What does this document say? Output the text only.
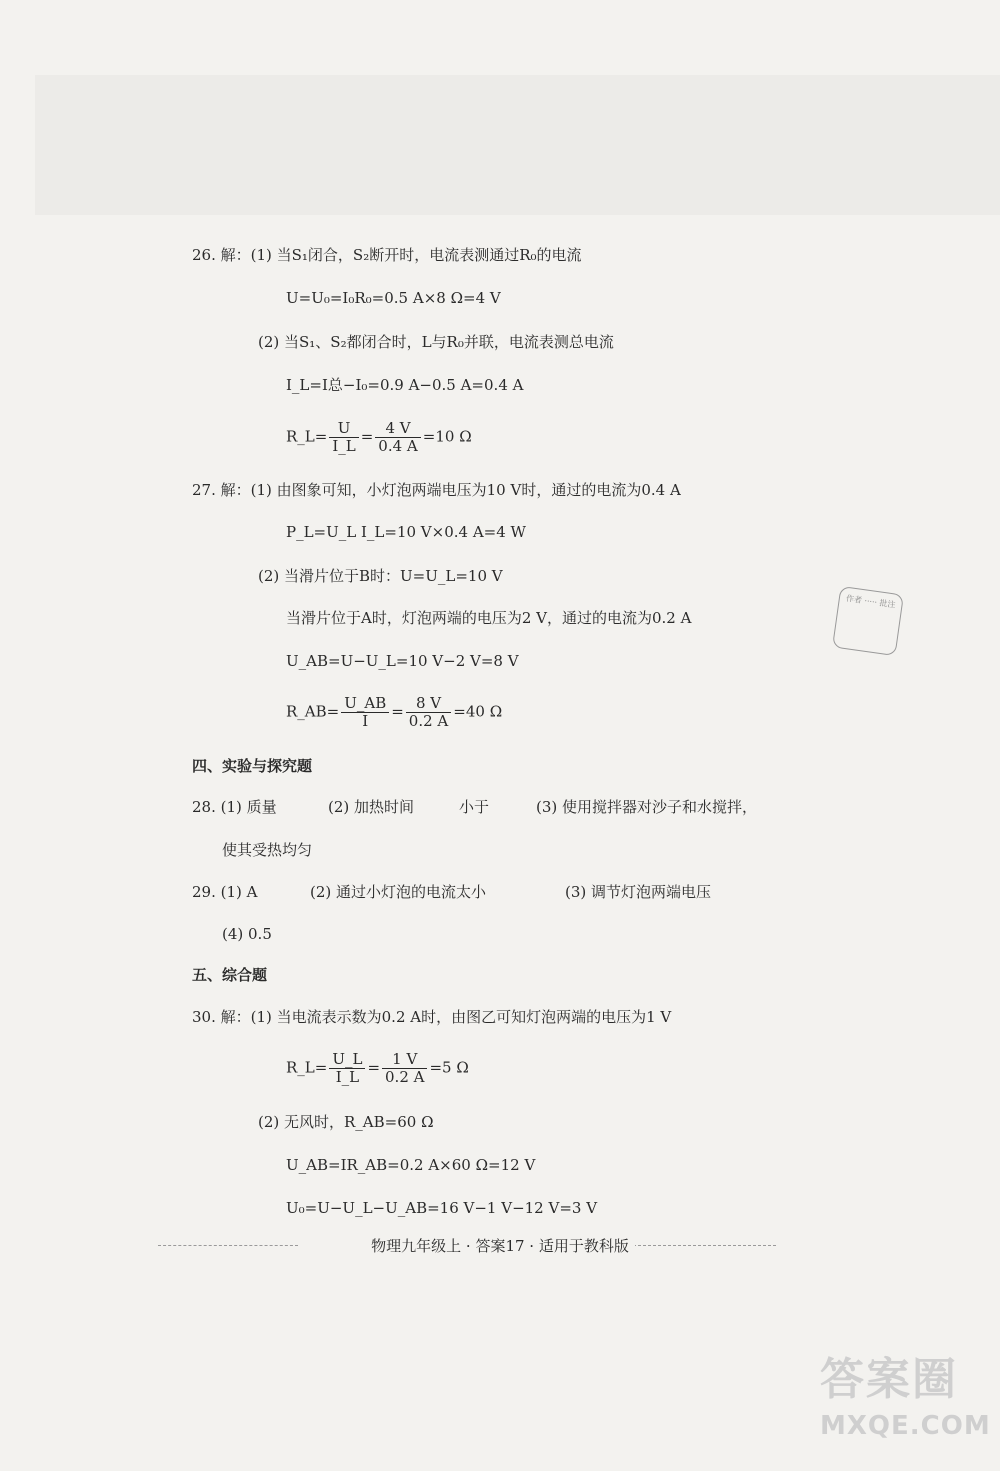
26. 解：(1) 当S₁闭合，S₂断开时，电流表测通过R₀的电流
U=U₀=I₀R₀=0.5 A×8 Ω=4 V
(2) 当S₁、S₂都闭合时，L与R₀并联，电流表测总电流
I_L=I总−I₀=0.9 A−0.5 A=0.4 A
R_L= $\frac{U}{I\_L} = \frac{4 V}{0.4 A} =10$ Ω
27. 解：(1) 由图象可知，小灯泡两端电压为10 V时，通过的电流为0.4 A
P_L=U_L I_L=10 V×0.4 A=4 W
(2) 当滑片位于B时：U=U_L=10 V
当滑片位于A时，灯泡两端的电压为2 V，通过的电流为0.2 A
U_AB=U−U_L=10 V−2 V=8 V
R_AB= $\frac{U\_AB}{I} = \frac{8 V}{0.2 A} =40$ Ω
四、实验与探究题
28. (1) 质量	(2) 加热时间	小于	(3) 使用搅拌器对沙子和水搅拌，
使其受热均匀
29. (1) A	(2) 通过小灯泡的电流太小	(3) 调节灯泡两端电压
(4) 0.5
五、综合题
30. 解：(1) 当电流表示数为0.2 A时，由图乙可知灯泡两端的电压为1 V
R_L= $\frac{U\_L}{I\_L} = \frac{1 V}{0.2 A} =5$ Ω
(2) 无风时，R_AB=60 Ω
U_AB=IR_AB=0.2 A×60 Ω=12 V
U₀=U−U_L−U_AB=16 V−1 V−12 V=3 V
物理九年级上 · 答案17 · 适用于教科版
作者 ····· 批注
答案圈
MXQE.COM
